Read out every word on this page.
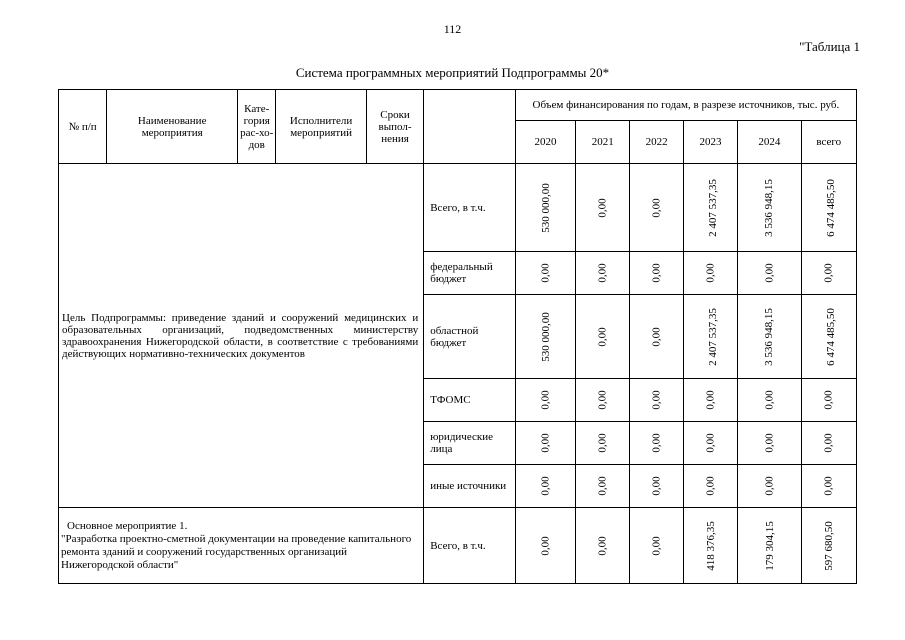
112
"Таблица 1
Система программных мероприятий Подпрограммы 20*
№ п/п	Наименование мероприятия	Кате-гория рас-хо-дов	Исполнители мероприятий	Сроки выпол-нения		Объем финансирования по годам, в разрезе источников, тыс. руб.					
						2020	2021	2022	2023	2024	всего

Цель Подпрограммы: приведение зданий и сооружений медицинских и образовательных организаций, подведомственных министерству здравоохранения Нижегородской области, в соответствие с требованиями действующих нормативно-технических документов					Всего, в т.ч.	530 000,00	0,00	0,00	2 407 537,35	3 536 948,15	6 474 485,50
					федеральный бюджет	0,00	0,00	0,00	0,00	0,00	0,00
					областной бюджет	530 000,00	0,00	0,00	2 407 537,35	3 536 948,15	6 474 485,50
					ТФОМС	0,00	0,00	0,00	0,00	0,00	0,00
					юридические лица	0,00	0,00	0,00	0,00	0,00	0,00
					иные источники	0,00	0,00	0,00	0,00	0,00	0,00

Основное мероприятие 1.
"Разработка проектно-сметной документации на проведение капитального ремонта зданий и сооружений государственных организаций Нижегородской области"					Всего, в т.ч.	0,00	0,00	0,00	418 376,35	179 304,15	597 680,50
